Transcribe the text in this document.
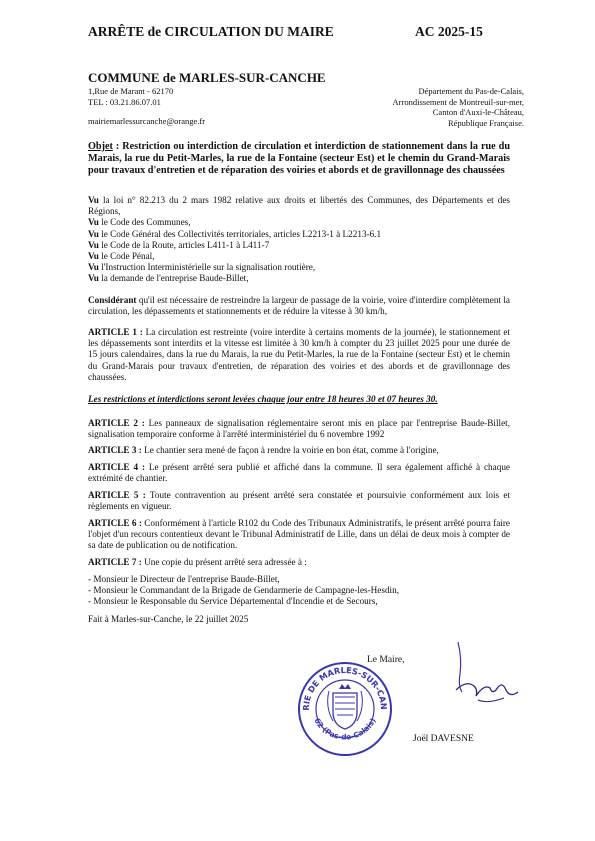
ARRÊTE de CIRCULATION DU MAIRE	AC 2025-15
COMMUNE de MARLES-SUR-CANCHE
1,Rue de Marant - 62170
TEL : 03.21.86.07.01
mairiemarlessurcanche@orange.fr
Département du Pas-de-Calais,
Arrondissement de Montreuil-sur-mer,
Canton d'Auxi-le-Château,
République Française.
Objet : Restriction ou interdiction de circulation et interdiction de stationnement dans la rue du Marais, la rue du Petit-Marles, la rue de la Fontaine (secteur Est) et le chemin du Grand-Marais pour travaux d'entretien et de réparation des voiries et abords et de gravillonnage des chaussées
Vu la loi n° 82.213 du 2 mars 1982 relative aux droits et libertés des Communes, des Départements et des Régions,
Vu le Code des Communes,
Vu le Code Général des Collectivités territoriales, articles L2213-1 à L2213-6.1
Vu le Code de la Route, articles L411-1 à L411-7
Vu le Code Pénal,
Vu l'Instruction Interministérielle sur la signalisation routière,
Vu la demande de l'entreprise Baude-Billet,
Considérant qu'il est nécessaire de restreindre la largeur de passage de la voirie, voire d'interdire complètement la circulation, les dépassements et stationnements et de réduire la vitesse à 30 km/h,
ARTICLE 1 : La circulation est restreinte (voire interdite à certains moments de la journée), le stationnement et les dépassements sont interdits et la vitesse est limitée à 30 km/h à compter du 23 juillet 2025 pour une durée de 15 jours calendaires, dans la rue du Marais, la rue du Petit-Marles, la rue de la Fontaine (secteur Est) et le chemin du Grand-Marais pour travaux d'entretien, de réparation des voiries et des abords et de gravillonnage des chaussées.
Les restrictions et interdictions seront levées chaque jour entre 18 heures 30 et 07 heures 30.
ARTICLE 2 : Les panneaux de signalisation réglementaire seront mis en place par l'entreprise Baude-Billet, signalisation temporaire conforme à l'arrêté interministériel du 6 novembre 1992
ARTICLE 3 : Le chantier sera mené de façon à rendre la voirie en bon état, comme à l'origine,
ARTICLE 4 : Le présent arrêté sera publié et affiché dans la commune. Il sera également affiché à chaque extrémité de chantier.
ARTICLE 5 : Toute contravention au présent arrêté sera constatée et poursuivie conformément aux lois et règlements en vigueur.
ARTICLE 6 : Conformément à l'article R102 du Code des Tribunaux Administratifs, le présent arrêté pourra faire l'objet d'un recours contentieux devant le Tribunal Administratif de Lille, dans un délai de deux mois à compter de sa date de publication ou de notification.
ARTICLE 7 : Une copie du présent arrêté sera adressée à :
- Monsieur le Directeur de l'entreprise Baude-Billet,
- Monsieur le Commandant de la Brigade de Gendarmerie de Campagne-les-Hesdin,
- Monsieur le Responsable du Service Départemental d'Incendie et de Secours,
Fait à Marles-sur-Canche, le 22 juillet 2025
Le Maire,
RIE DE MARLES-SUR-CAN
62 (Pas-de-Calais)
Joël DAVESNE
